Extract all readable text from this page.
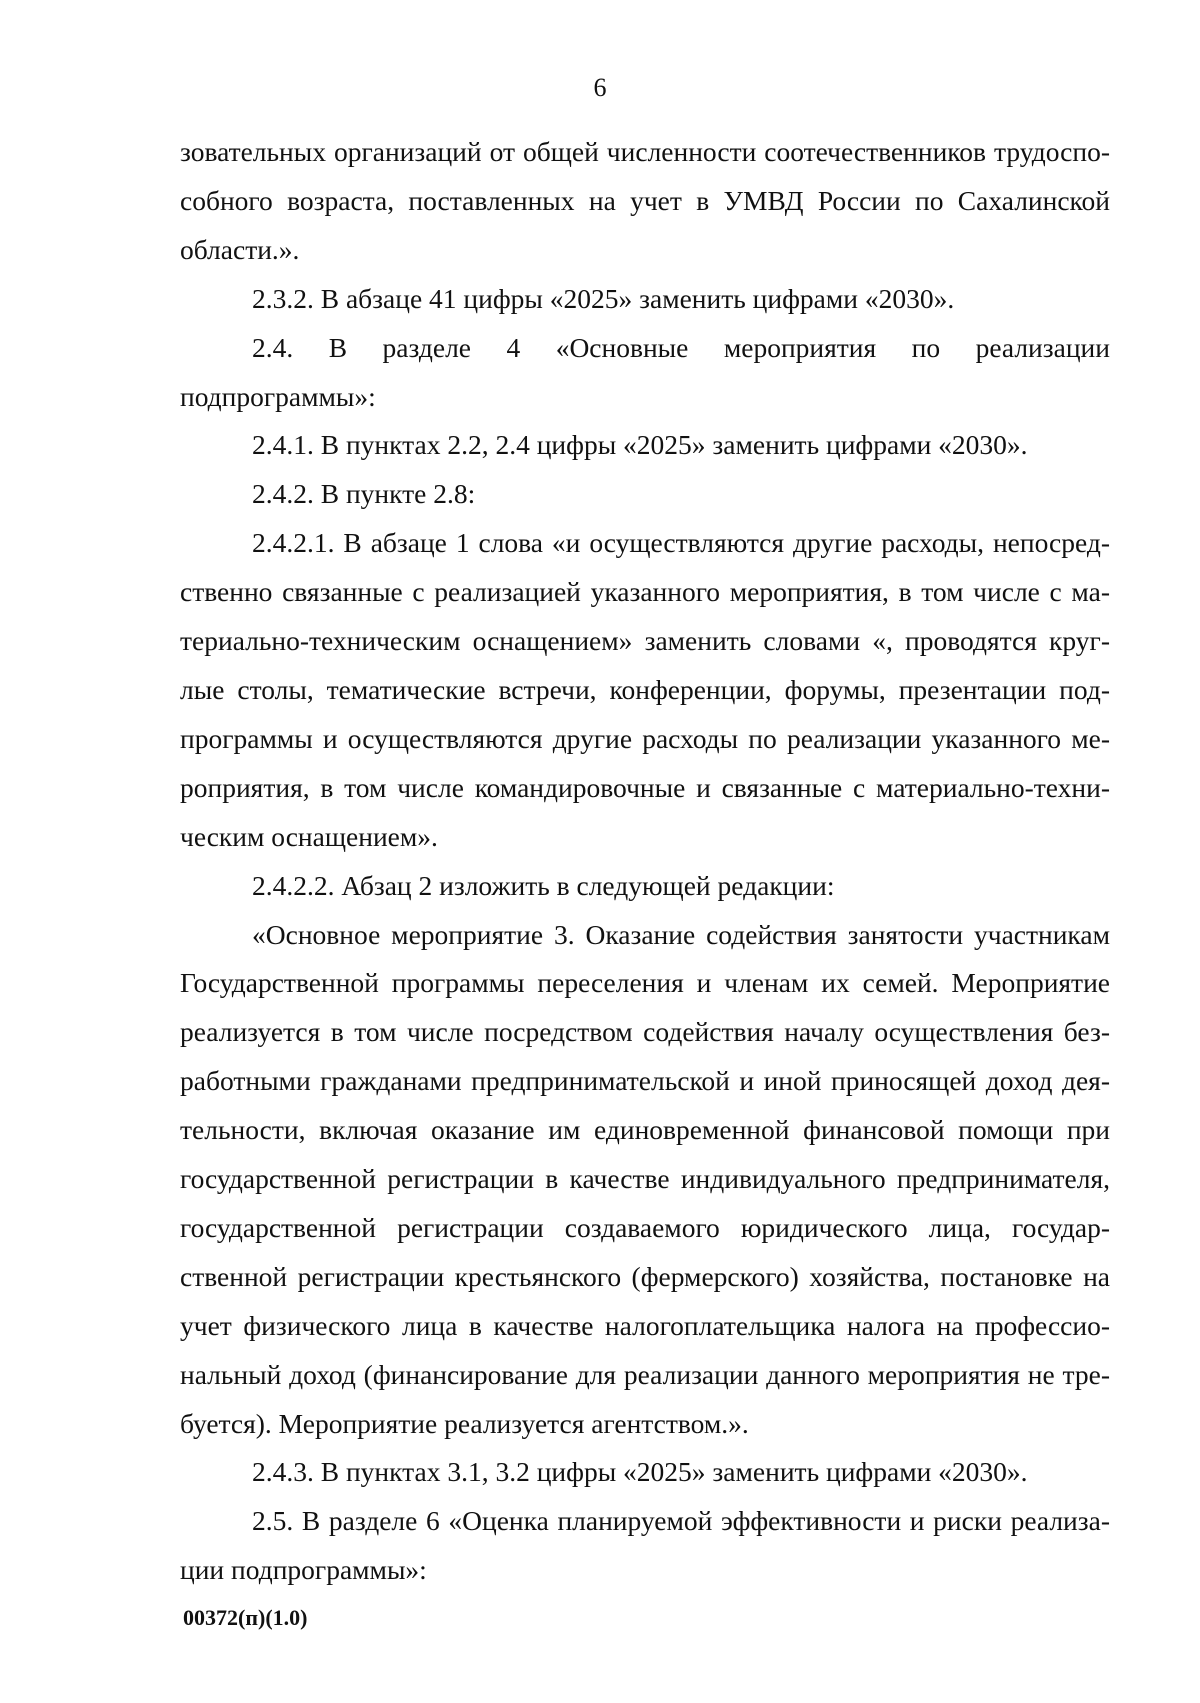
6

зовательных организаций от общей численности соотечественников трудоспособного возраста, поставленных на учет в УМВД России по Сахалинской области.».

2.3.2. В абзаце 41 цифры «2025» заменить цифрами «2030».

2.4. В разделе 4 «Основные мероприятия по реализации подпрограммы»:

2.4.1. В пунктах 2.2, 2.4 цифры «2025» заменить цифрами «2030».

2.4.2. В пункте 2.8:

2.4.2.1. В абзаце 1 слова «и осуществляются другие расходы, непосредственно связанные с реализацией указанного мероприятия, в том числе с материально-техническим оснащением» заменить словами «, проводятся круглые столы, тематические встречи, конференции, форумы, презентации подпрограммы и осуществляются другие расходы по реализации указанного мероприятия, в том числе командировочные и связанные с материально-техническим оснащением».

2.4.2.2. Абзац 2 изложить в следующей редакции:

«Основное мероприятие 3. Оказание содействия занятости участникам Государственной программы переселения и членам их семей. Мероприятие реализуется в том числе посредством содействия началу осуществления безработными гражданами предпринимательской и иной приносящей доход деятельности, включая оказание им единовременной финансовой помощи при государственной регистрации в качестве индивидуального предпринимателя, государственной регистрации создаваемого юридического лица, государственной регистрации крестьянского (фермерского) хозяйства, постановке на учет физического лица в качестве налогоплательщика налога на профессиональный доход (финансирование для реализации данного мероприятия не требуется). Мероприятие реализуется агентством.».

2.4.3. В пунктах 3.1, 3.2 цифры «2025» заменить цифрами «2030».

2.5. В разделе 6 «Оценка планируемой эффективности и риски реализации подпрограммы»:

00372(п)(1.0)
